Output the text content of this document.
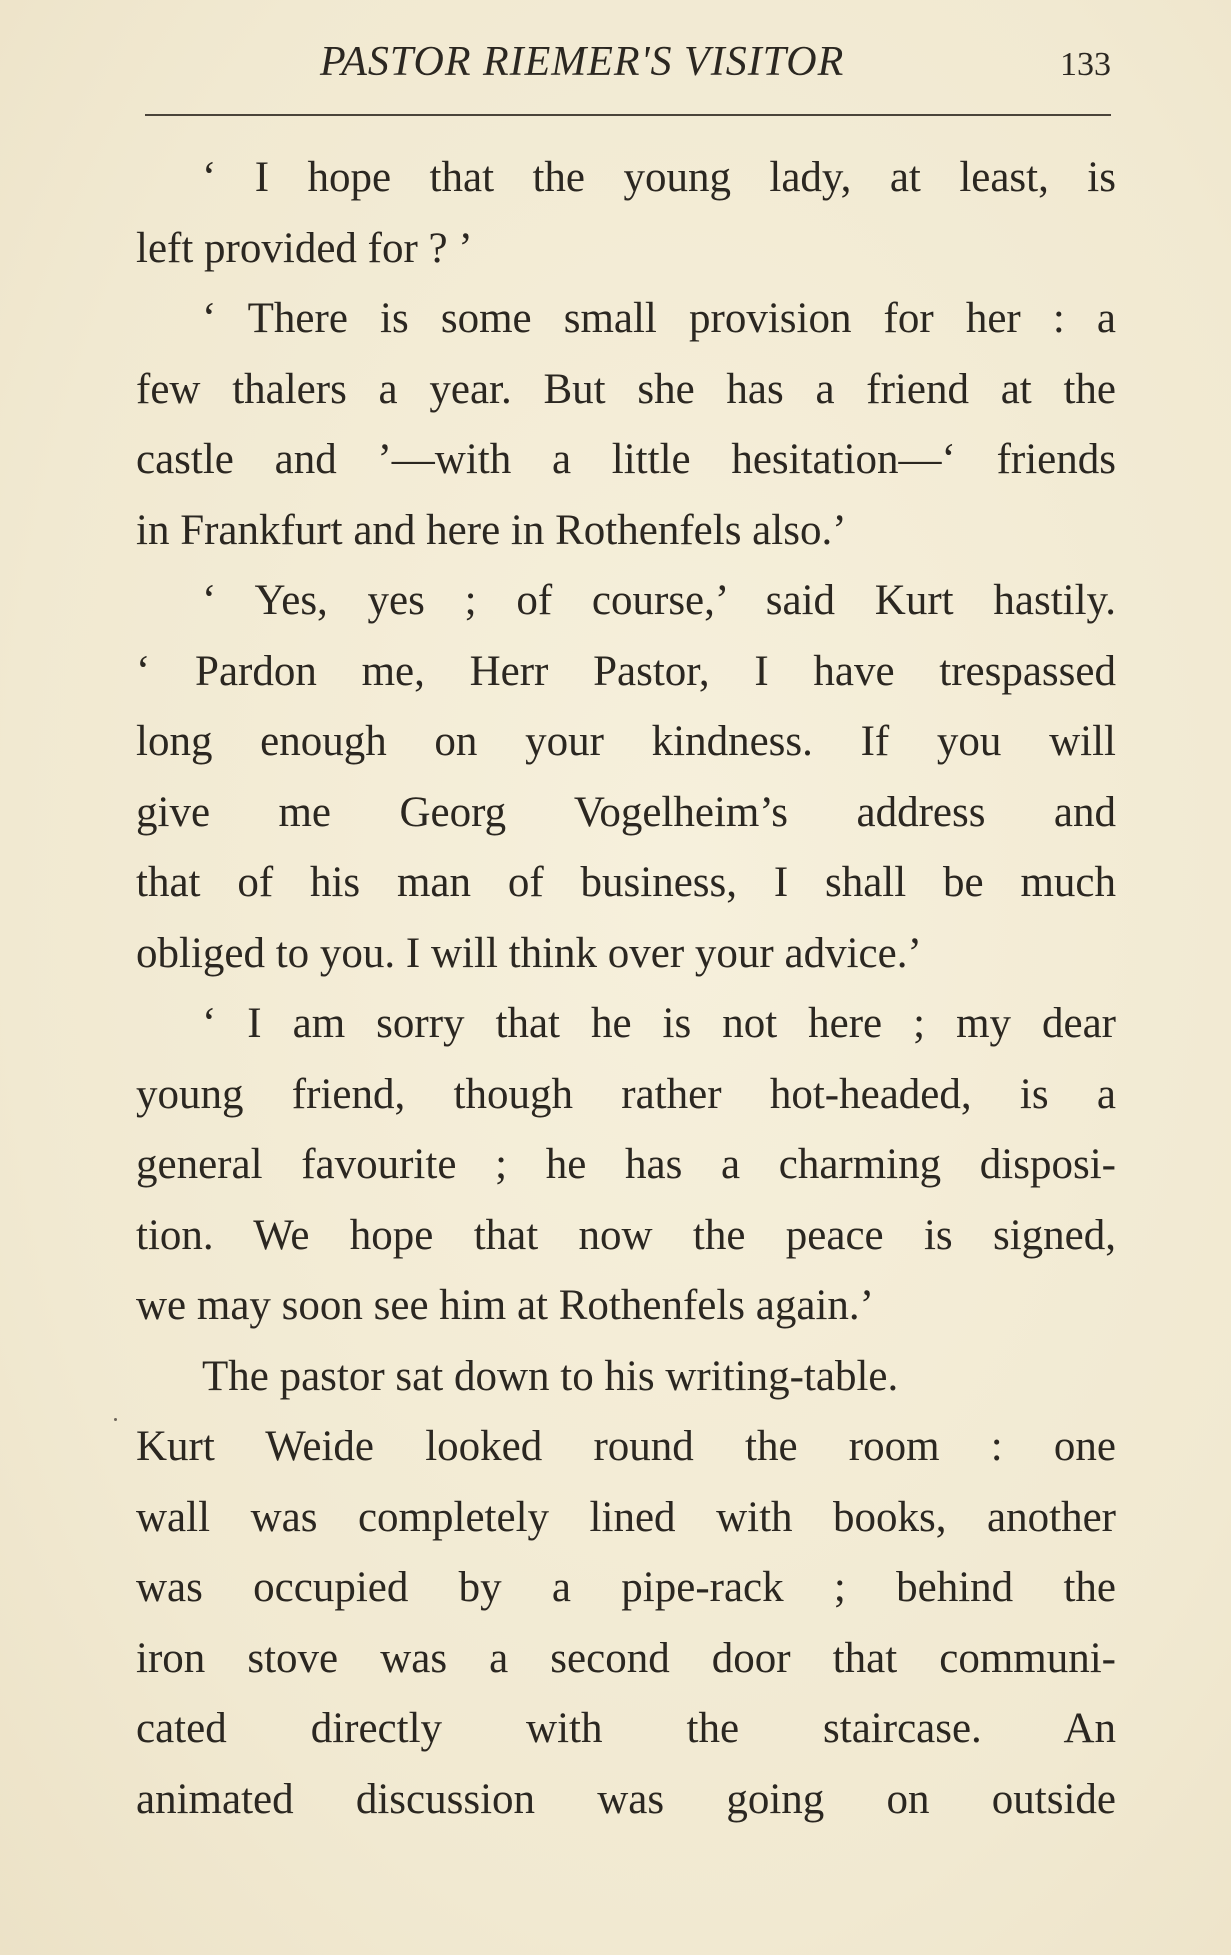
PASTOR RIEMER'S VISITOR	133
‘ I hope that the young lady, at least, is
left provided for ? ’
‘ There is some small provision for her : a
few thalers a year. But she has a friend at the
castle and ’—with a little hesitation—‘ friends
in Frankfurt and here in Rothenfels also.’
‘ Yes, yes ; of course,’ said Kurt hastily.
‘ Pardon me, Herr Pastor, I have trespassed
long enough on your kindness. If you will
give me Georg Vogelheim’s address and
that of his man of business, I shall be much
obliged to you. I will think over your advice.’
‘ I am sorry that he is not here ; my dear
young friend, though rather hot-headed, is a
general favourite ; he has a charming disposi-
tion. We hope that now the peace is signed,
we may soon see him at Rothenfels again.’
The pastor sat down to his writing-table.
Kurt Weide looked round the room : one
wall was completely lined with books, another
was occupied by a pipe-rack ; behind the
iron stove was a second door that communi-
cated directly with the staircase. An
animated discussion was going on outside
